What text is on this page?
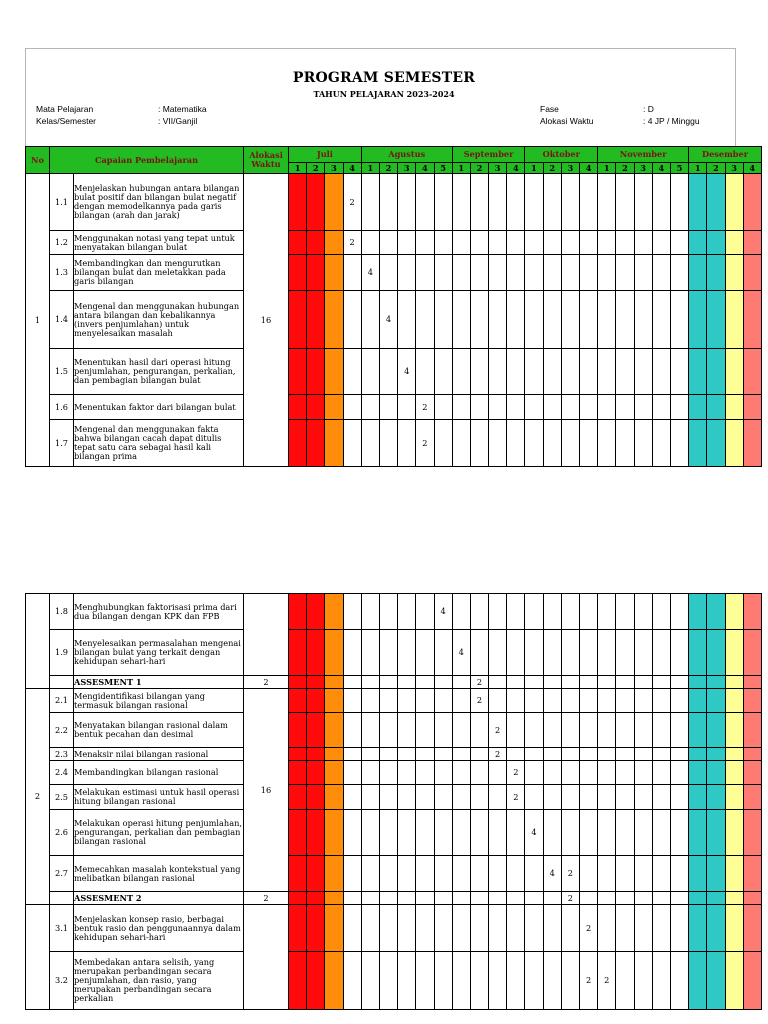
PROGRAM SEMESTER
TAHUN PELAJARAN 2023-2024
Mata Pelajaran	: Matematika
Kelas/Semester	: VII/Ganjil
Fase	: D
Alokasi Waktu	: 4 JP / Minggu
No	Capaian Pembelajaran		Alokasi
Waktu	Juli				Agustus					September				Oktober				November					Desember			
				1	2	3	4	1	2	3	4	5	1	2	3	4	1	2	3	4	1	2	3	4	5	1	2	3	4
1	1.1	Menjelaskan hubungan antara bilangan bulat positif dan bilangan bulat negatif dengan memodelkannya pada garis bilangan (arah dan jarak)	16				2																						
	1.2	Menggunakan notasi yang tepat untuk menyatakan bilangan bulat					2																						
	1.3	Membandingkan dan mengurutkan bilangan bulat dan meletakkan pada garis bilangan						4																					
	1.4	Mengenal dan menggunakan hubungan antara bilangan dan kebalikannya (invers penjumlahan) untuk menyelesaikan masalah							4																				
	1.5	Menentukan hasil dari operasi hitung penjumlahan, pengurangan, perkalian, dan pembagian bilangan bulat								4																			
	1.6	Menentukan faktor dari bilangan bulat									2																		
	1.7	Mengenal dan menggunakan fakta bahwa bilangan cacah dapat ditulis tepat satu cara sebagai hasil kali bilangan prima									2																		
	1.8	Menghubungkan faktorisasi prima dari dua bilangan dengan KPK dan FPB										4																	
	1.9	Menyelesaikan permasalahan mengenai bilangan bulat yang terkait dengan kehidupan sehari-hari											4																
		ASSESMENT 1	2											2															
2	2.1	Mengidentifikasi bilangan yang termasuk bilangan rasional	16											2															
	2.2	Menyatakan bilangan rasional dalam bentuk pecahan dan desimal													2														
	2.3	Menaksir nilai bilangan rasional													2														
	2.4	Membandingkan bilangan rasional														2													
	2.5	Melakukan estimasi untuk hasil operasi hitung bilangan rasional														2													
	2.6	Melakukan operasi hitung penjumlahan, pengurangan, perkalian dan pembagian bilangan rasional															4												
	2.7	Memecahkan masalah kontekstual yang melibatkan bilangan rasional																4	2										
		ASSESMENT 2	2																2										
	3.1	Menjelaskan konsep rasio, berbagai bentuk rasio dan penggunaannya dalam kehidupan sehari-hari																		2									
	3.2	Membedakan antara selisih, yang merupakan perbandingan secara penjumlahan, dan rasio, yang merupakan perbandingan secara perkalian																		2	2								
